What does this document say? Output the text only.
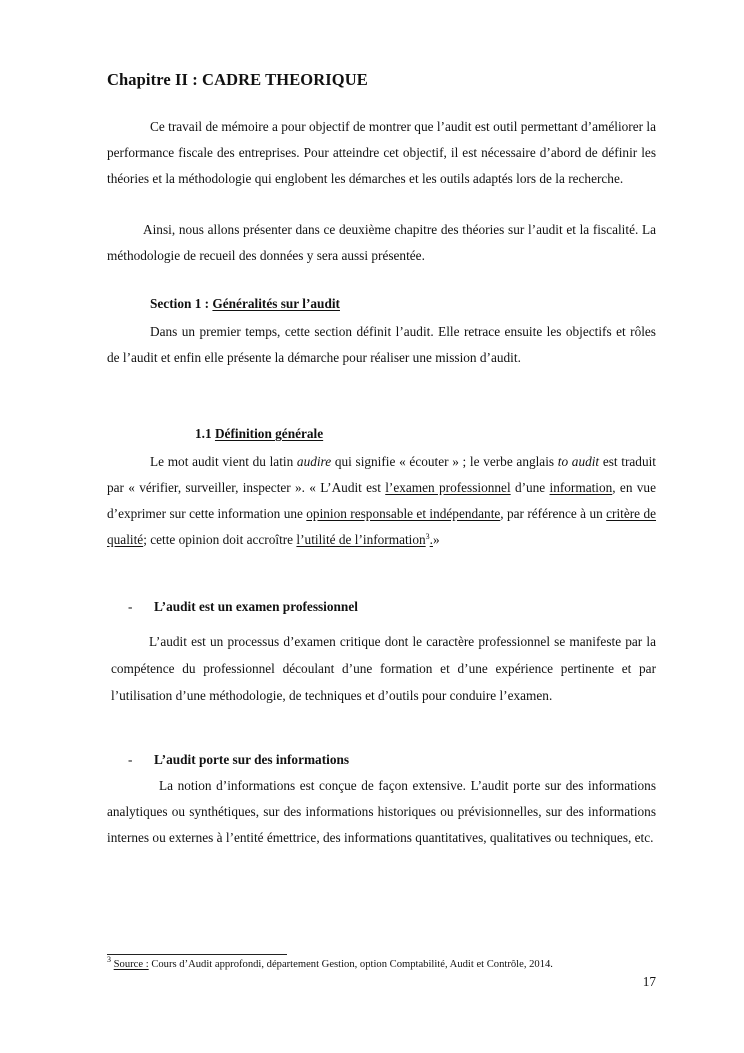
Chapitre II : CADRE THEORIQUE
Ce travail de mémoire a pour objectif de montrer que l’audit est outil permettant d’améliorer la performance fiscale des entreprises. Pour atteindre cet objectif, il est nécessaire d’abord de définir les théories et la méthodologie qui englobent les démarches et les outils adaptés lors de la recherche.
Ainsi, nous allons présenter dans ce deuxième chapitre des théories sur l’audit et la fiscalité. La méthodologie de recueil des données y sera aussi présentée.
Section 1 : Généralités sur l’audit
Dans un premier temps, cette section définit l’audit. Elle retrace ensuite les objectifs et rôles de l’audit et enfin elle présente la démarche pour réaliser une mission d’audit.
1.1 Définition générale
Le mot audit vient du latin audire qui signifie « écouter » ; le verbe anglais to audit est traduit par « vérifier, surveiller, inspecter ». « L’Audit est l’examen professionnel d’une information, en vue d’exprimer sur cette information une opinion responsable et indépendante, par référence à un critère de qualité; cette opinion doit accroître l’utilité de l’information$^3$.»
- L’audit est un examen professionnel
L’audit est un processus d’examen critique dont le caractère professionnel se manifeste par la compétence du professionnel découlant d’une formation et d’une expérience pertinente et par l’utilisation d’une méthodologie, de techniques et d’outils pour conduire l’examen.
- L’audit porte sur des informations
La notion d’informations est conçue de façon extensive. L’audit porte sur des informations analytiques ou synthétiques, sur des informations historiques ou prévisionnelles, sur des informations internes ou externes à l’entité émettrice, des informations quantitatives, qualitatives ou techniques, etc.
$^3$ Source : Cours d’Audit approfondi, département Gestion, option Comptabilité, Audit et Contrôle, 2014.
17
